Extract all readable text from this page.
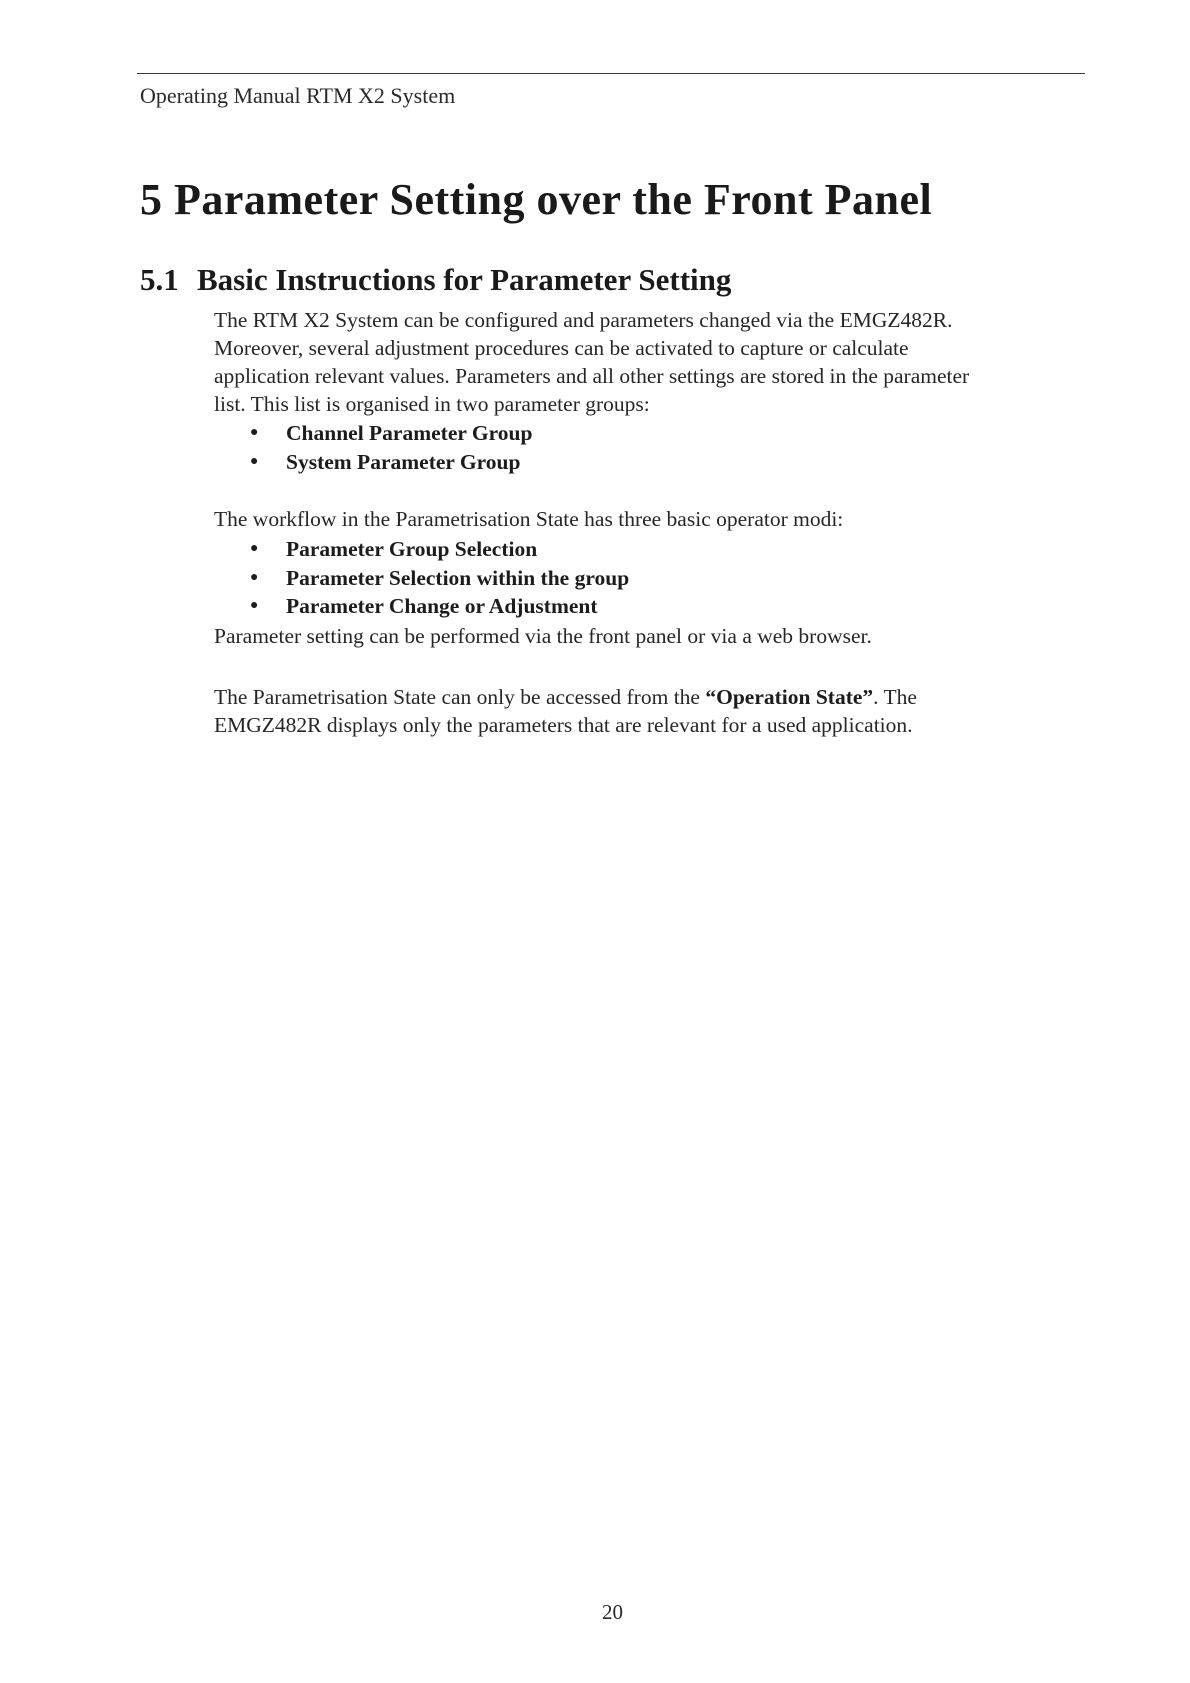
Operating Manual RTM X2 System
5 Parameter Setting over the Front Panel
5.1 Basic Instructions for Parameter Setting
The RTM X2 System can be configured and parameters changed via the EMGZ482R.
Moreover, several adjustment procedures can be activated to capture or calculate
application relevant values. Parameters and all other settings are stored in the parameter
list. This list is organised in two parameter groups:
● Channel Parameter Group
● System Parameter Group
The workflow in the Parametrisation State has three basic operator modi:
● Parameter Group Selection
● Parameter Selection within the group
● Parameter Change or Adjustment
Parameter setting can be performed via the front panel or via a web browser.
The Parametrisation State can only be accessed from the “Operation State”. The
EMGZ482R displays only the parameters that are relevant for a used application.
20
